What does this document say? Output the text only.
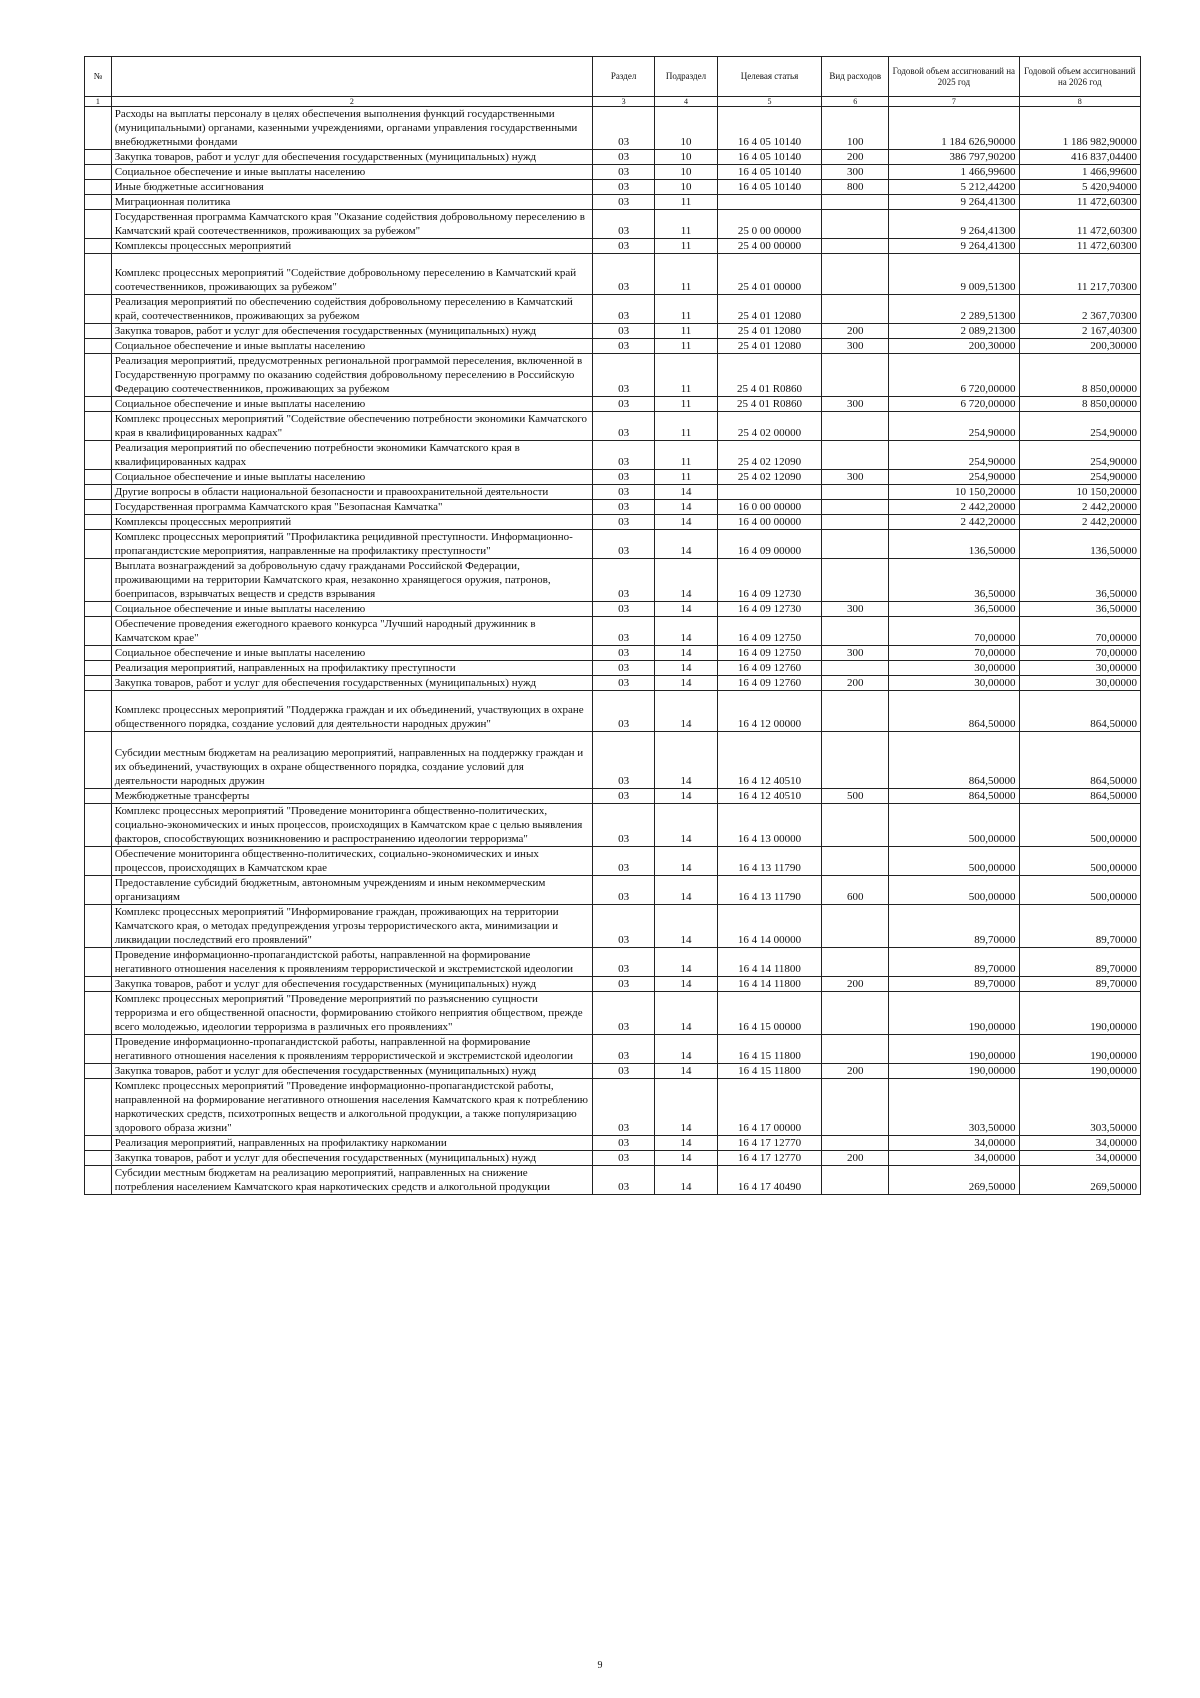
№		Раздел	Подраздел	Целевая статья	Вид расходов	Годовой объем ассигнований на 2025 год	Годовой объем ассигнований на 2026 год
1	2	3	4	5	6	7	8
	Расходы на выплаты персоналу в целях обеспечения выполнения функций государственными (муниципальными) органами, казенными учреждениями, органами управления государственными внебюджетными фондами	03	10	16 4 05 10140	100	1 184 626,90000	1 186 982,90000
	Закупка товаров, работ и услуг для обеспечения государственных (муниципальных) нужд	03	10	16 4 05 10140	200	386 797,90200	416 837,04400
	Социальное обеспечение и иные выплаты населению	03	10	16 4 05 10140	300	1 466,99600	1 466,99600
	Иные бюджетные ассигнования	03	10	16 4 05 10140	800	5 212,44200	5 420,94000
	Миграционная политика	03	11			9 264,41300	11 472,60300
	Государственная программа Камчатского края "Оказание содействия добровольному переселению в Камчатский край соотечественников, проживающих за рубежом"	03	11	25 0 00 00000		9 264,41300	11 472,60300
	Комплексы процессных мероприятий	03	11	25 4 00 00000		9 264,41300	11 472,60300
	Комплекс процессных мероприятий "Содействие добровольному переселению в Камчатский край соотечественников, проживающих за рубежом"	03	11	25 4 01 00000		9 009,51300	11 217,70300
	Реализация мероприятий по обеспечению содействия добровольному переселению в Камчатский край, соотечественников, проживающих за рубежом	03	11	25 4 01 12080		2 289,51300	2 367,70300
	Закупка товаров, работ и услуг для обеспечения государственных (муниципальных) нужд	03	11	25 4 01 12080	200	2 089,21300	2 167,40300
	Социальное обеспечение и иные выплаты населению	03	11	25 4 01 12080	300	200,30000	200,30000
	Реализация мероприятий, предусмотренных региональной программой переселения, включенной в Государственную программу по оказанию содействия добровольному переселению в Российскую Федерацию соотечественников, проживающих за рубежом	03	11	25 4 01 R0860		6 720,00000	8 850,00000
	Социальное обеспечение и иные выплаты населению	03	11	25 4 01 R0860	300	6 720,00000	8 850,00000
	Комплекс процессных мероприятий "Содействие обеспечению потребности экономики Камчатского края в квалифицированных кадрах"	03	11	25 4 02 00000		254,90000	254,90000
	Реализация мероприятий по обеспечению потребности экономики Камчатского края в квалифицированных кадрах	03	11	25 4 02 12090		254,90000	254,90000
	Социальное обеспечение и иные выплаты населению	03	11	25 4 02 12090	300	254,90000	254,90000
	Другие вопросы в области национальной безопасности и правоохранительной деятельности	03	14			10 150,20000	10 150,20000
	Государственная программа Камчатского края "Безопасная Камчатка"	03	14	16 0 00 00000		2 442,20000	2 442,20000
	Комплексы процессных мероприятий	03	14	16 4 00 00000		2 442,20000	2 442,20000
	Комплекс процессных мероприятий "Профилактика рецидивной преступности. Информационно-пропагандистские мероприятия, направленные на профилактику преступности"	03	14	16 4 09 00000		136,50000	136,50000
	Выплата вознаграждений за добровольную сдачу гражданами Российской Федерации, проживающими на территории Камчатского края, незаконно хранящегося оружия, патронов, боеприпасов, взрывчатых веществ и средств взрывания	03	14	16 4 09 12730		36,50000	36,50000
	Социальное обеспечение и иные выплаты населению	03	14	16 4 09 12730	300	36,50000	36,50000
	Обеспечение проведения ежегодного краевого конкурса "Лучший народный дружинник в Камчатском крае"	03	14	16 4 09 12750		70,00000	70,00000
	Социальное обеспечение и иные выплаты населению	03	14	16 4 09 12750	300	70,00000	70,00000
	Реализация мероприятий, направленных на профилактику преступности	03	14	16 4 09 12760		30,00000	30,00000
	Закупка товаров, работ и услуг для обеспечения государственных (муниципальных) нужд	03	14	16 4 09 12760	200	30,00000	30,00000
	Комплекс процессных мероприятий "Поддержка граждан и их объединений, участвующих в охране общественного порядка, создание условий для деятельности народных дружин"	03	14	16 4 12 00000		864,50000	864,50000
	Субсидии местным бюджетам на реализацию мероприятий, направленных на поддержку граждан и их объединений, участвующих в охране общественного порядка, создание условий для деятельности народных дружин	03	14	16 4 12 40510		864,50000	864,50000
	Межбюджетные трансферты	03	14	16 4 12 40510	500	864,50000	864,50000
	Комплекс процессных мероприятий "Проведение мониторинга общественно-политических, социально-экономических и иных процессов, происходящих в Камчатском крае с целью выявления факторов, способствующих возникновению и распространению идеологии терроризма"	03	14	16 4 13 00000		500,00000	500,00000
	Обеспечение мониторинга общественно-политических, социально-экономических и иных процессов, происходящих в Камчатском крае	03	14	16 4 13 11790		500,00000	500,00000
	Предоставление субсидий бюджетным, автономным учреждениям и иным некоммерческим организациям	03	14	16 4 13 11790	600	500,00000	500,00000
	Комплекс процессных мероприятий "Информирование граждан, проживающих на территории Камчатского края, о методах предупреждения угрозы террористического акта, минимизации и ликвидации последствий его проявлений"	03	14	16 4 14 00000		89,70000	89,70000
	Проведение информационно-пропагандистской работы, направленной на формирование негативного отношения населения к проявлениям террористической и экстремистской идеологии	03	14	16 4 14 11800		89,70000	89,70000
	Закупка товаров, работ и услуг для обеспечения государственных (муниципальных) нужд	03	14	16 4 14 11800	200	89,70000	89,70000
	Комплекс процессных мероприятий "Проведение мероприятий по разъяснению сущности терроризма и его общественной опасности, формированию стойкого неприятия обществом, прежде всего молодежью, идеологии терроризма в различных его проявлениях"	03	14	16 4 15 00000		190,00000	190,00000
	Проведение информационно-пропагандистской работы, направленной на формирование негативного отношения населения к проявлениям террористической и экстремистской идеологии	03	14	16 4 15 11800		190,00000	190,00000
	Закупка товаров, работ и услуг для обеспечения государственных (муниципальных) нужд	03	14	16 4 15 11800	200	190,00000	190,00000
	Комплекс процессных мероприятий "Проведение информационно-пропагандистской работы, направленной на формирование негативного отношения населения Камчатского края к потреблению наркотических средств, психотропных веществ и алкогольной продукции, а также популяризацию здорового образа жизни"	03	14	16 4 17 00000		303,50000	303,50000
	Реализация мероприятий, направленных на профилактику наркомании	03	14	16 4 17 12770		34,00000	34,00000
	Закупка товаров, работ и услуг для обеспечения государственных (муниципальных) нужд	03	14	16 4 17 12770	200	34,00000	34,00000
	Субсидии местным бюджетам на реализацию мероприятий, направленных на снижение потребления населением Камчатского края наркотических средств и алкогольной продукции	03	14	16 4 17 40490		269,50000	269,50000
9
